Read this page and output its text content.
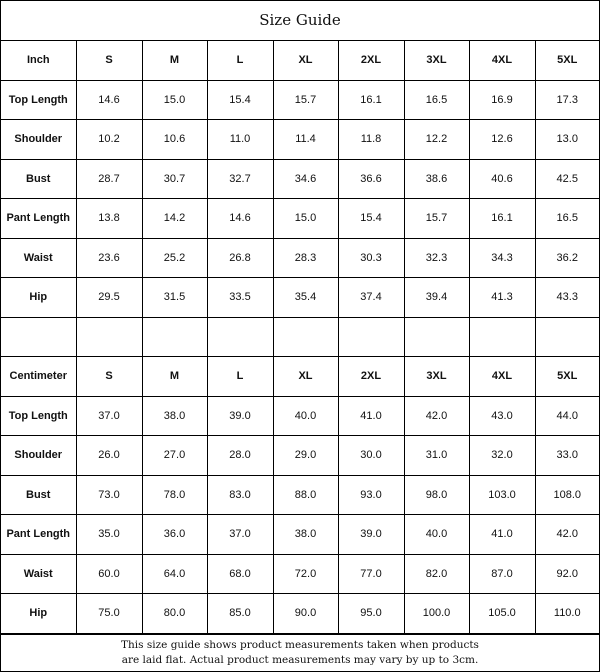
Size Guide
Inch	S	M	L	XL	2XL	3XL	4XL	5XL
Top Length	14.6	15.0	15.4	15.7	16.1	16.5	16.9	17.3
Shoulder	10.2	10.6	11.0	11.4	11.8	12.2	12.6	13.0
Bust	28.7	30.7	32.7	34.6	36.6	38.6	40.6	42.5
Pant Length	13.8	14.2	14.6	15.0	15.4	15.7	16.1	16.5
Waist	23.6	25.2	26.8	28.3	30.3	32.3	34.3	36.2
Hip	29.5	31.5	33.5	35.4	37.4	39.4	41.3	43.3

Centimeter	S	M	L	XL	2XL	3XL	4XL	5XL
Top Length	37.0	38.0	39.0	40.0	41.0	42.0	43.0	44.0
Shoulder	26.0	27.0	28.0	29.0	30.0	31.0	32.0	33.0
Bust	73.0	78.0	83.0	88.0	93.0	98.0	103.0	108.0
Pant Length	35.0	36.0	37.0	38.0	39.0	40.0	41.0	42.0
Waist	60.0	64.0	68.0	72.0	77.0	82.0	87.0	92.0
Hip	75.0	80.0	85.0	90.0	95.0	100.0	105.0	110.0
This size guide shows product measurements taken when products
are laid flat. Actual product measurements may vary by up to 3cm.
